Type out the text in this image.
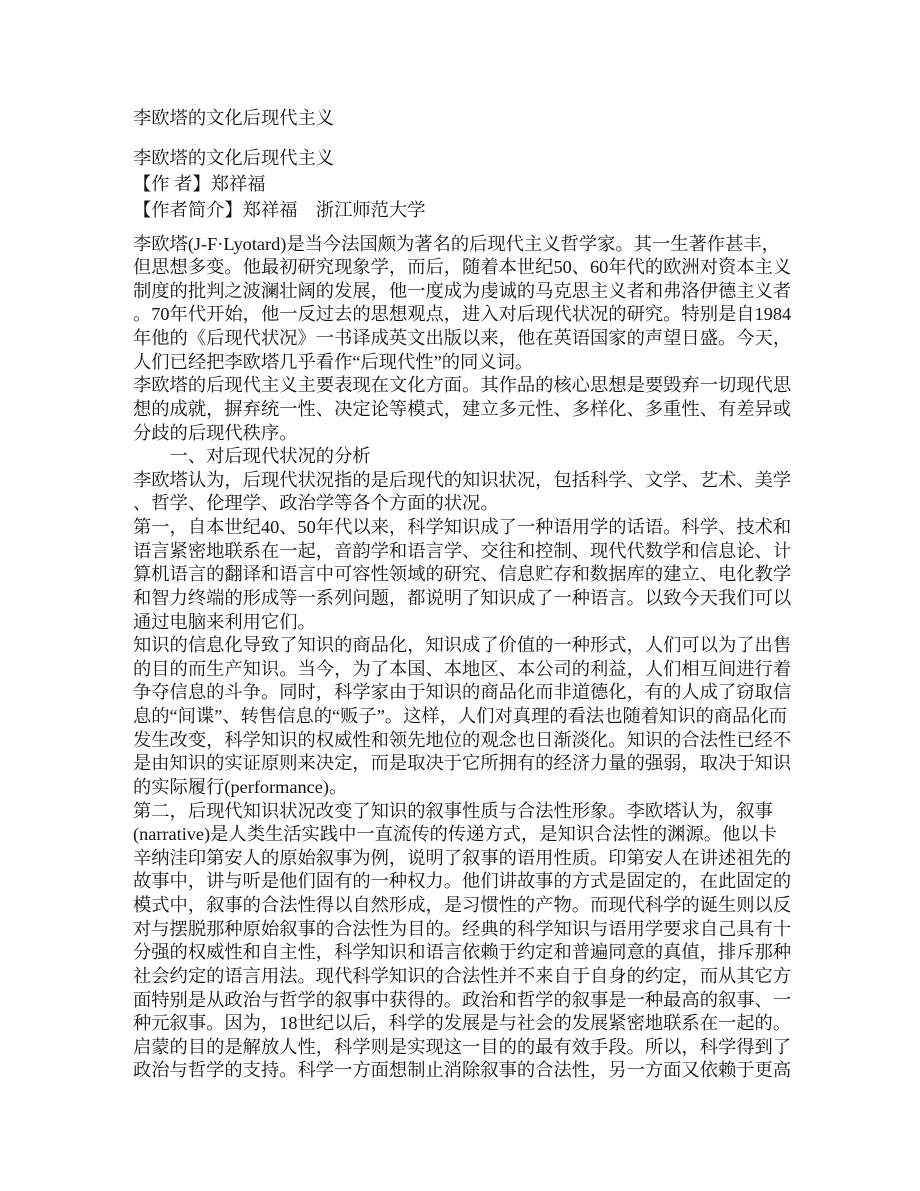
李欧塔的文化后现代主义
李欧塔的文化后现代主义
【作 者】郑祥福
【作者简介】郑祥福　浙江师范大学
李欧塔(J-F·Lyotard)是当今法国颇为著名的后现代主义哲学家。其一生著作甚丰，
但思想多变。他最初研究现象学，而后，随着本世纪50、60年代的欧洲对资本主义
制度的批判之波澜壮阔的发展，他一度成为虔诚的马克思主义者和弗洛伊德主义者
。70年代开始，他一反过去的思想观点，进入对后现代状况的研究。特别是自1984
年他的《后现代状况》一书译成英文出版以来，他在英语国家的声望日盛。今天，
人们已经把李欧塔几乎看作“后现代性”的同义词。
李欧塔的后现代主义主要表现在文化方面。其作品的核心思想是要毁弃一切现代思
想的成就，摒弃统一性、决定论等模式，建立多元性、多样化、多重性、有差异或
分歧的后现代秩序。
　　一、对后现代状况的分析
李欧塔认为，后现代状况指的是后现代的知识状况，包括科学、文学、艺术、美学
、哲学、伦理学、政治学等各个方面的状况。
第一，自本世纪40、50年代以来，科学知识成了一种语用学的话语。科学、技术和
语言紧密地联系在一起，音韵学和语言学、交往和控制、现代代数学和信息论、计
算机语言的翻译和语言中可容性领域的研究、信息贮存和数据库的建立、电化教学
和智力终端的形成等一系列问题，都说明了知识成了一种语言。以致今天我们可以
通过电脑来利用它们。
知识的信息化导致了知识的商品化，知识成了价值的一种形式，人们可以为了出售
的目的而生产知识。当今，为了本国、本地区、本公司的利益，人们相互间进行着
争夺信息的斗争。同时，科学家由于知识的商品化而非道德化，有的人成了窃取信
息的“间谍”、转售信息的“贩子”。这样，人们对真理的看法也随着知识的商品化而
发生改变，科学知识的权威性和领先地位的观念也日渐淡化。知识的合法性已经不
是由知识的实证原则来决定，而是取决于它所拥有的经济力量的强弱，取决于知识
的实际履行(performance)。
第二，后现代知识状况改变了知识的叙事性质与合法性形象。李欧塔认为，叙事
(narrative)是人类生活实践中一直流传的传递方式，是知识合法性的渊源。他以卡
辛纳洼印第安人的原始叙事为例，说明了叙事的语用性质。印第安人在讲述祖先的
故事中，讲与听是他们固有的一种权力。他们讲故事的方式是固定的，在此固定的
模式中，叙事的合法性得以自然形成，是习惯性的产物。而现代科学的诞生则以反
对与摆脱那种原始叙事的合法性为目的。经典的科学知识与语用学要求自己具有十
分强的权威性和自主性，科学知识和语言依赖于约定和普遍同意的真值，排斥那种
社会约定的语言用法。现代科学知识的合法性并不来自于自身的约定，而从其它方
面特别是从政治与哲学的叙事中获得的。政治和哲学的叙事是一种最高的叙事、一
种元叙事。因为，18世纪以后，科学的发展是与社会的发展紧密地联系在一起的。
启蒙的目的是解放人性，科学则是实现这一目的的最有效手段。所以，科学得到了
政治与哲学的支持。科学一方面想制止消除叙事的合法性，另一方面又依赖于更高
